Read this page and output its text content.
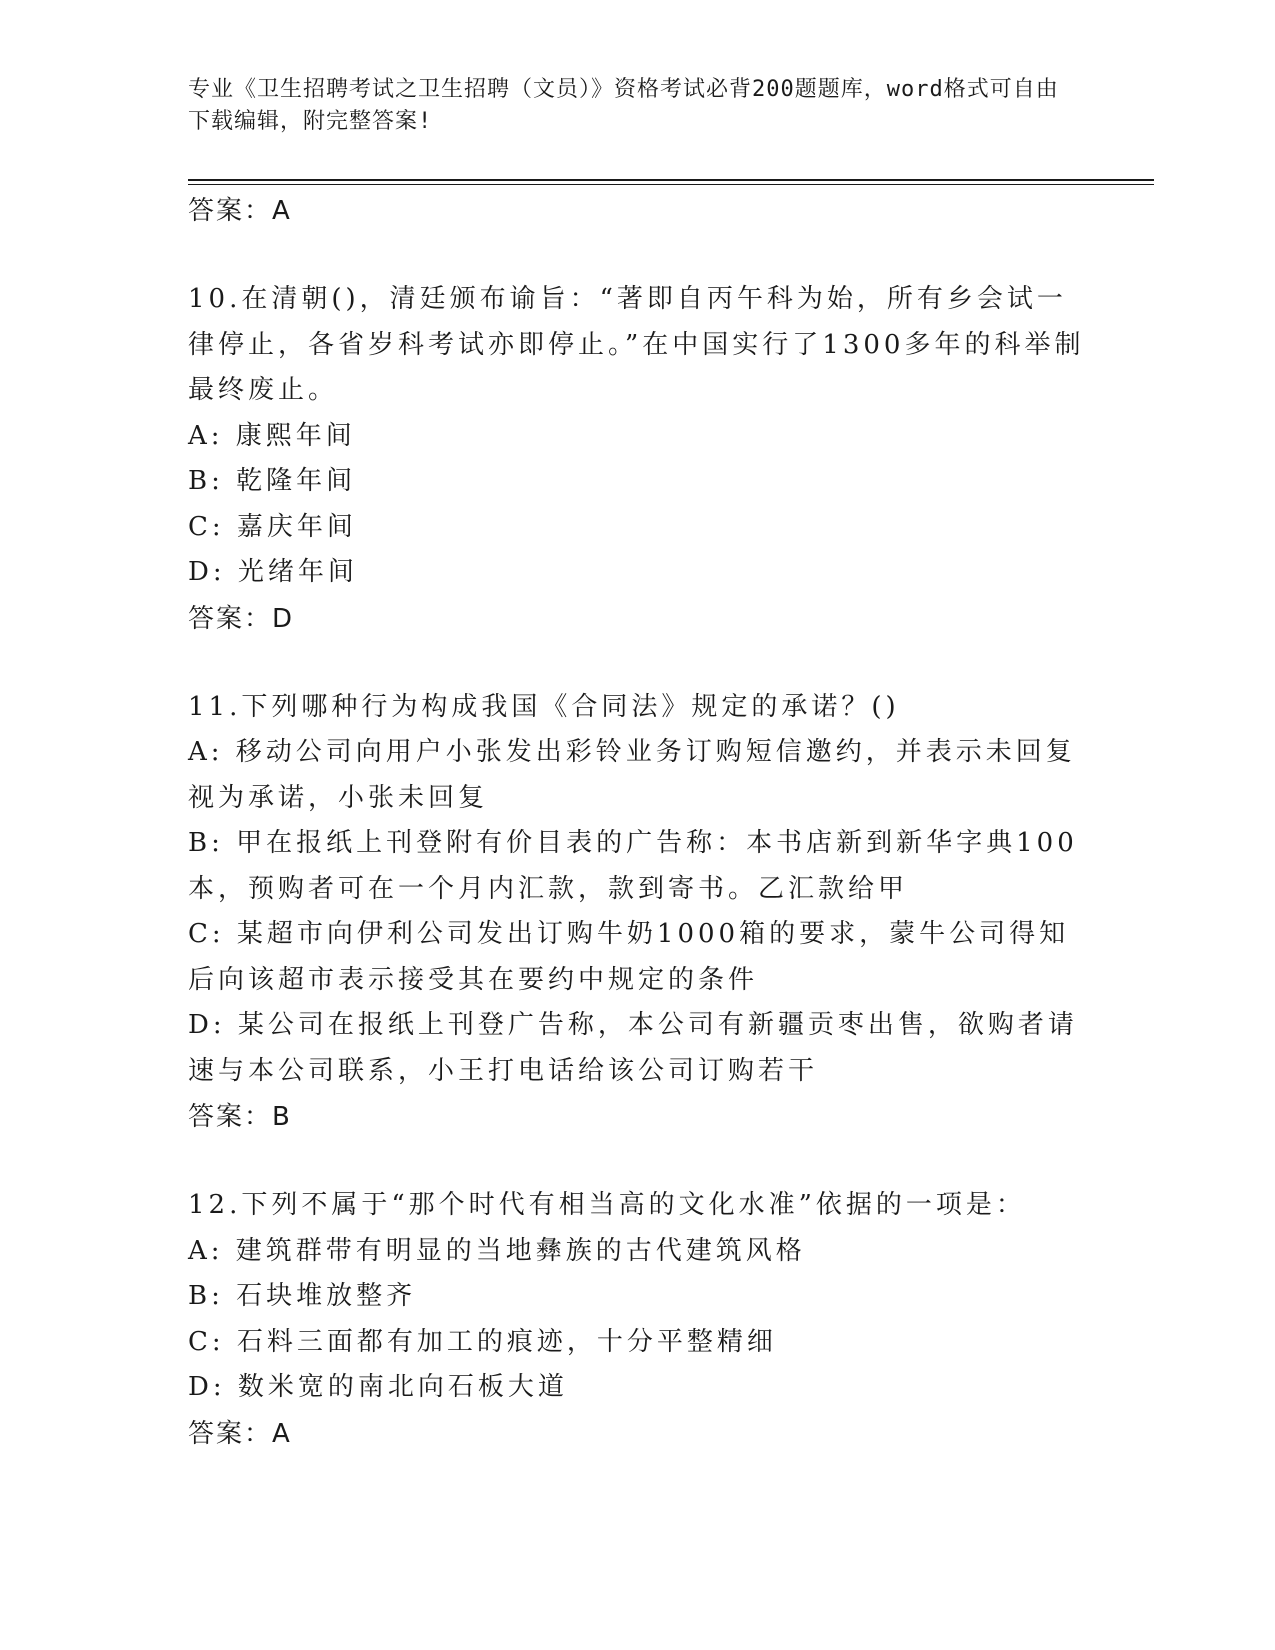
专业《卫生招聘考试之卫生招聘（文员）》资格考试必背200题题库，word格式可自由下载编辑，附完整答案!

答案：A

10.在清朝()，清廷颁布谕旨：“著即自丙午科为始，所有乡会试一律停止，各省岁科考试亦即停止。”在中国实行了1300多年的科举制最终废止。

A: 康熙年间

B: 乾隆年间

C: 嘉庆年间

D: 光绪年间

答案：D

11.下列哪种行为构成我国《合同法》规定的承诺？()

A: 移动公司向用户小张发出彩铃业务订购短信邀约，并表示未回复视为承诺，小张未回复

B: 甲在报纸上刊登附有价目表的广告称：本书店新到新华字典100本，预购者可在一个月内汇款，款到寄书。乙汇款给甲

C: 某超市向伊利公司发出订购牛奶1000箱的要求，蒙牛公司得知后向该超市表示接受其在要约中规定的条件

D: 某公司在报纸上刊登广告称，本公司有新疆贡枣出售，欲购者请速与本公司联系，小王打电话给该公司订购若干

答案：B

12.下列不属于“那个时代有相当高的文化水准”依据的一项是：

A: 建筑群带有明显的当地彝族的古代建筑风格

B: 石块堆放整齐

C: 石料三面都有加工的痕迹，十分平整精细

D: 数米宽的南北向石板大道

答案：A
